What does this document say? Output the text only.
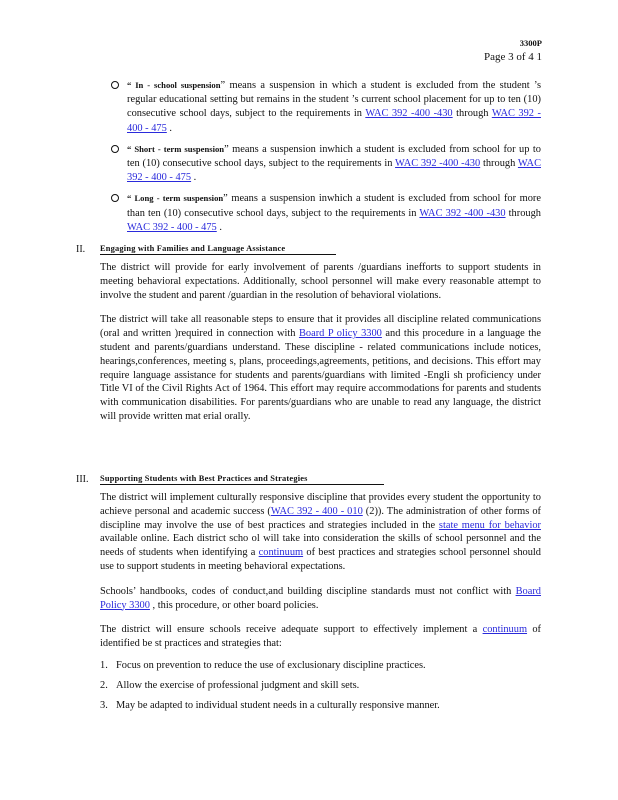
3300P
Page 3 of 4 1
“ In - school suspension” means a suspension in which a student is excluded from the student ’s regular educational setting but remains in the student ’s current school placement for up to ten (10) consecutive school days, subject to the requirements in WAC 392 -400 -430 through WAC 392 - 400 - 475 .
“ Short - term suspension” means a suspension inwhich a student is excluded from school for up to ten (10) consecutive school days, subject to the requirements in WAC 392 -400 -430 through WAC 392 - 400 - 475 .
“ Long - term suspension” means a suspension inwhich a student is excluded from school for more than ten (10) consecutive school days, subject to the requirements in WAC 392 -400 -430 through WAC 392 - 400 - 475 .
II.	Engaging with Families and Language Assistance
The district will provide for early involvement of parents /guardians inefforts to support students in meeting behavioral expectations. Additionally, school personnel will make every reasonable attempt to involve the student and parent /guardian in the resolution of behavioral violations.
The district will take all reasonable steps to ensure that it provides all discipline related communications (oral and written )required in connection with Board P olicy 3300 and this procedure in a language the student and parents/guardians understand. These discipline - related communications include notices, hearings,conferences, meeting s, plans, proceedings,agreements, petitions, and decisions. This effort may require language assistance for students and parents/guardians with limited -Engli sh proficiency under Title VI of the Civil Rights Act of 1964. This effort may require accommodations for parents and students with communication disabilities. For parents/guardians who are unable to read any language, the district will provide written mat erial orally.
III.	Supporting Students with Best Practices and Strategies
The district will implement culturally responsive discipline that provides every student the opportunity to achieve personal and academic success (WAC 392 - 400 - 010 (2)). The administration of other forms of discipline may involve the use of best practices and strategies included in the state menu for behavior available online. Each district scho ol will take into consideration the skills of school personnel and the needs of students when identifying a continuum of best practices and strategies school personnel should use to support students in meeting behavioral expectations.
Schools’ handbooks, codes of conduct,and building discipline standards must not conflict with Board Policy 3300 , this procedure, or other board policies.
The district will ensure schools receive adequate support to effectively implement a continuum of identified be st practices and strategies that:
1. Focus on prevention to reduce the use of exclusionary discipline practices.
2. Allow the exercise of professional judgment and skill sets.
3. May be adapted to individual student needs in a culturally responsive manner.
